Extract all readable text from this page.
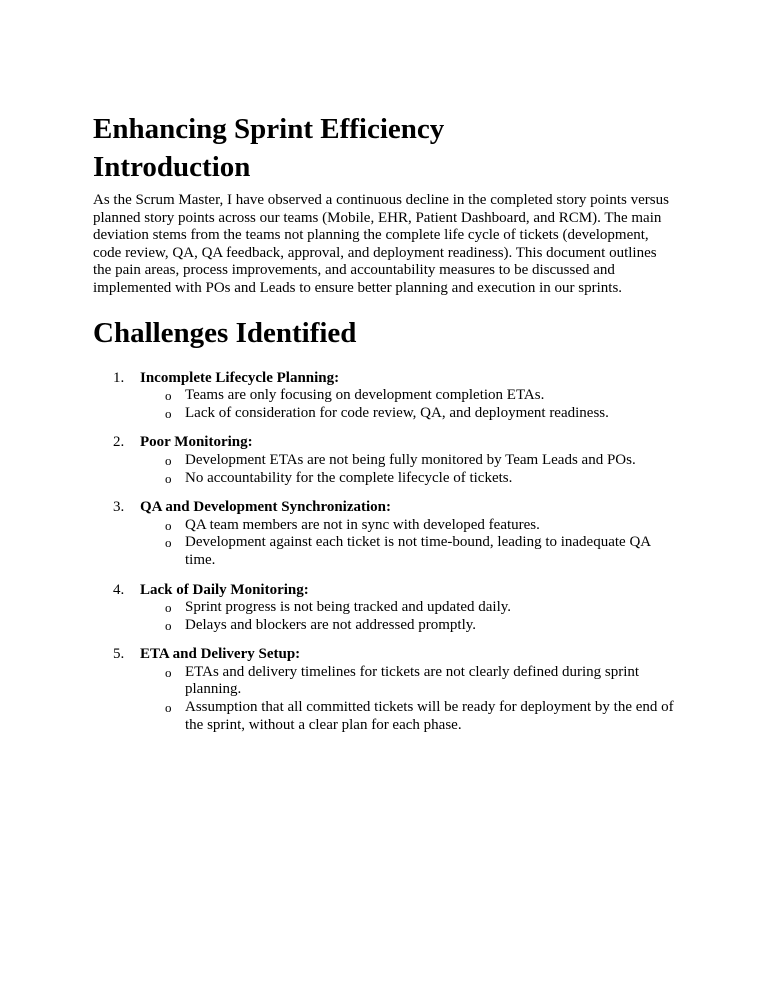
Enhancing Sprint Efficiency
Introduction

As the Scrum Master, I have observed a continuous decline in the completed story points versus planned story points across our teams (Mobile, EHR, Patient Dashboard, and RCM). The main deviation stems from the teams not planning the complete life cycle of tickets (development, code review, QA, QA feedback, approval, and deployment readiness). This document outlines the pain areas, process improvements, and accountability measures to be discussed and implemented with POs and Leads to ensure better planning and execution in our sprints.

Challenges Identified
1. Incomplete Lifecycle Planning:
o Teams are only focusing on development completion ETAs.
o Lack of consideration for code review, QA, and deployment readiness.
2. Poor Monitoring:
o Development ETAs are not being fully monitored by Team Leads and POs.
o No accountability for the complete lifecycle of tickets.
3. QA and Development Synchronization:
o QA team members are not in sync with developed features.
o Development against each ticket is not time-bound, leading to inadequate QA time.
4. Lack of Daily Monitoring:
o Sprint progress is not being tracked and updated daily.
o Delays and blockers are not addressed promptly.
5. ETA and Delivery Setup:
o ETAs and delivery timelines for tickets are not clearly defined during sprint planning.
o Assumption that all committed tickets will be ready for deployment by the end of the sprint, without a clear plan for each phase.
